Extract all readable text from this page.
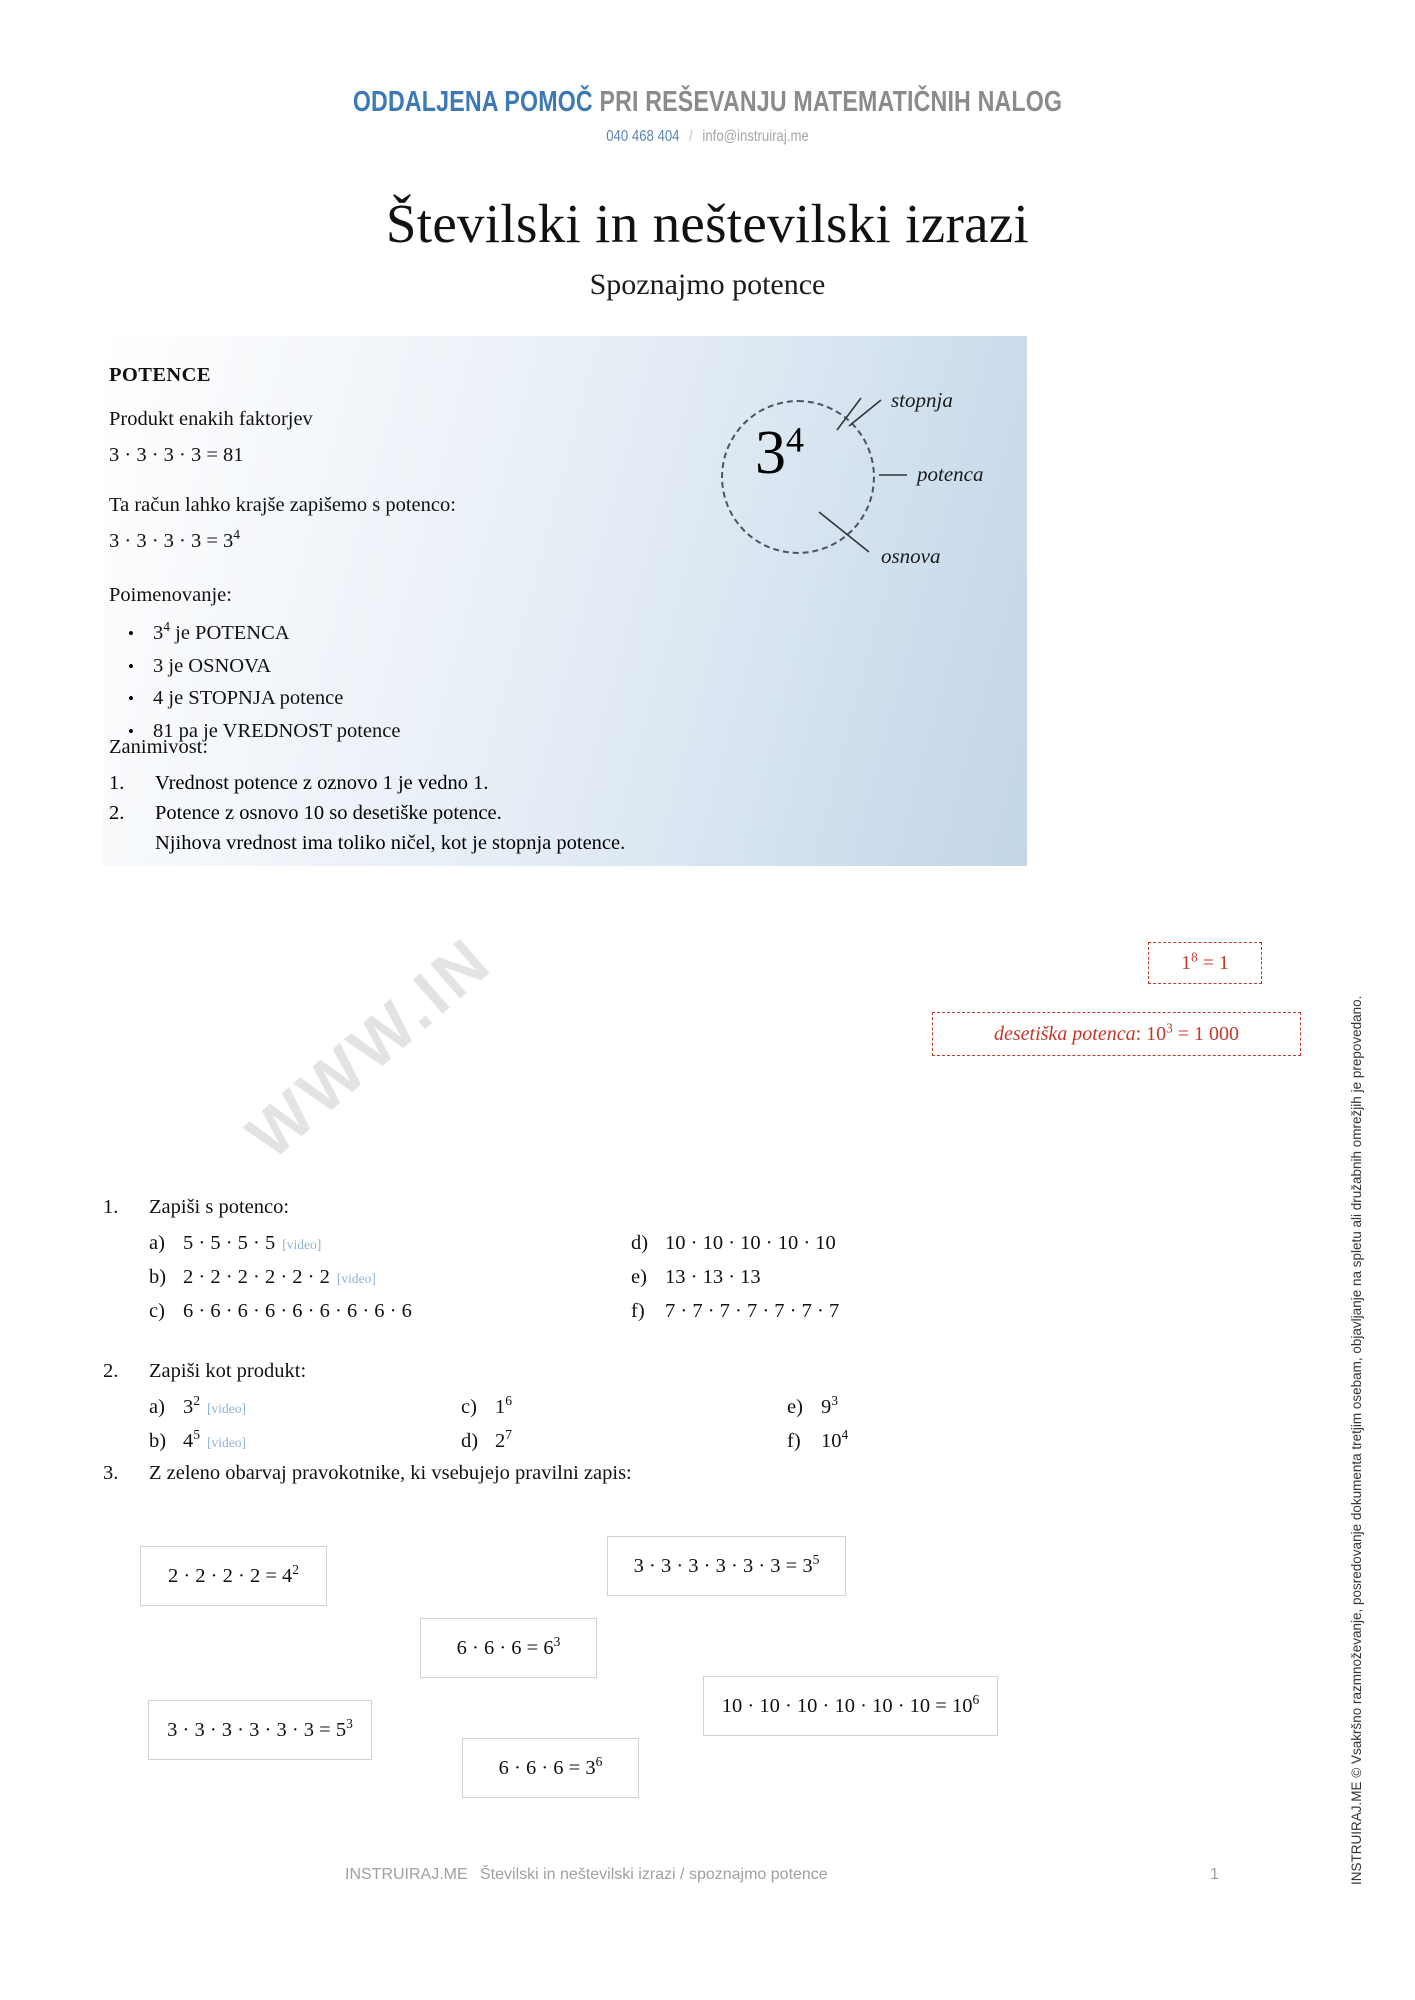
ODDALJENA POMOČ PRI REŠEVANJU MATEMATIČNIH NALOG
040 468 404 / info@instruiraj.me
Številski in neštevilski izrazi
Spoznajmo potence
POTENCE
Produkt enakih faktorjev
3 · 3 · 3 · 3 = 81
Ta račun lahko krajše zapišemo s potenco:
$3 \cdot 3 \cdot 3 \cdot 3 = 3^4$
Poimenovanje:
• $3^4$ je POTENCA
• 3 je OSNOVA
• 4 je STOPNJA potence
• 81 pa je VREDNOST potence
Zanimivost:
1.	Vrednost potence z oznovo 1 je vedno 1.
2.	Potence z osnovo 10 so desetiške potence.
Njihova vrednost ima toliko ničel, kot je stopnja potence.
$3^4$
stopnja
potenca
osnova
$1^8 = 1$
desetiška potenca: $10^3 = 1$ 000
WWW.IN
1.	Zapiši s potenco:
a) 5 · 5 · 5 · 5 [video]
b) 2 · 2 · 2 · 2 · 2 · 2 [video]
c) 6 · 6 · 6 · 6 · 6 · 6 · 6 · 6 · 6
d) 10 · 10 · 10 · 10 · 10
e) 13 · 13 · 13
f) 7 · 7 · 7 · 7 · 7 · 7 · 7
2.	Zapiši kot produkt:
a) $3^2$
[video]
b) $4^5$
[video]
c) $1^6$
d) $2^7$
e) $9^3$
f) $10^4$
3.	Z zeleno obarvaj pravokotnike, ki vsebujejo pravilni zapis:
$2 \cdot 2 \cdot 2 \cdot 2 = 4^2$	$3 \cdot 3 \cdot 3 \cdot 3 \cdot 3 \cdot 3 = 3^5$
$6 \cdot 6 \cdot 6 = 6^3$
$10 \cdot 10 \cdot 10 \cdot 10 \cdot 10 \cdot 10 = 10^6$
$3 \cdot 3 \cdot 3 \cdot 3 \cdot 3 \cdot 3 = 5^3$
$6 \cdot 6 \cdot 6 = 3^6$	INSTRUIRAJ.ME © Vsakršno razmnoževanje, posredovanje dokumenta tretjim osebam, objavljanje na spletu ali družabnih omrežjih je prepovedano.
INSTRUIRAJ.ME Številski in neštevilski izrazi / spoznajmo potence	1
